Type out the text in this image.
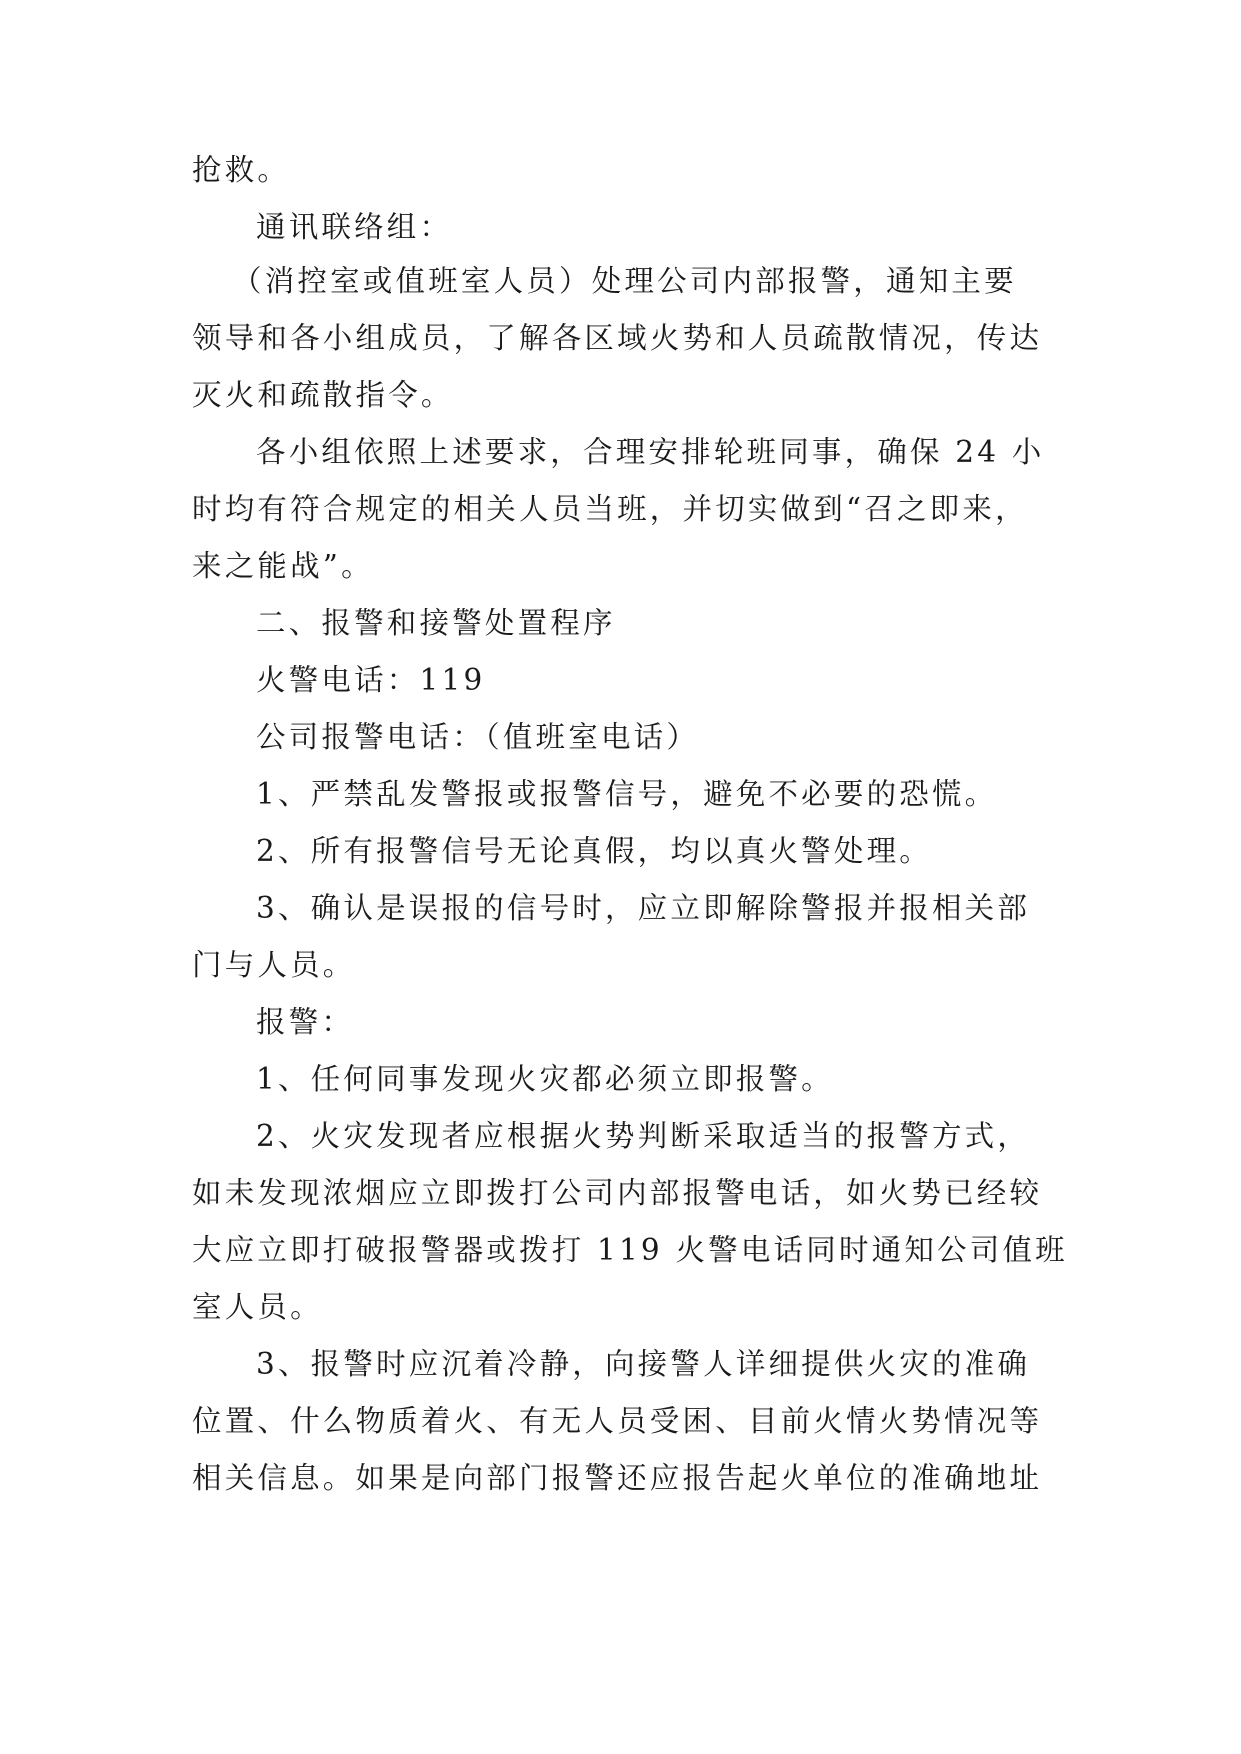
抢救。
通讯联络组：
（消控室或值班室人员）处理公司内部报警，通知主要
领导和各小组成员，了解各区域火势和人员疏散情况，传达
灭火和疏散指令。
各小组依照上述要求，合理安排轮班同事，确保 24 小
时均有符合规定的相关人员当班，并切实做到“召之即来，
来之能战”。
二、报警和接警处置程序
火警电话：119
公司报警电话：（值班室电话）
1、严禁乱发警报或报警信号，避免不必要的恐慌。
2、所有报警信号无论真假，均以真火警处理。
3、确认是误报的信号时，应立即解除警报并报相关部
门与人员。
报警：
1、任何同事发现火灾都必须立即报警。
2、火灾发现者应根据火势判断采取适当的报警方式，
如未发现浓烟应立即拨打公司内部报警电话，如火势已经较
大应立即打破报警器或拨打 119 火警电话同时通知公司值班
室人员。
3、报警时应沉着冷静，向接警人详细提供火灾的准确
位置、什么物质着火、有无人员受困、目前火情火势情况等
相关信息。如果是向部门报警还应报告起火单位的准确地址
